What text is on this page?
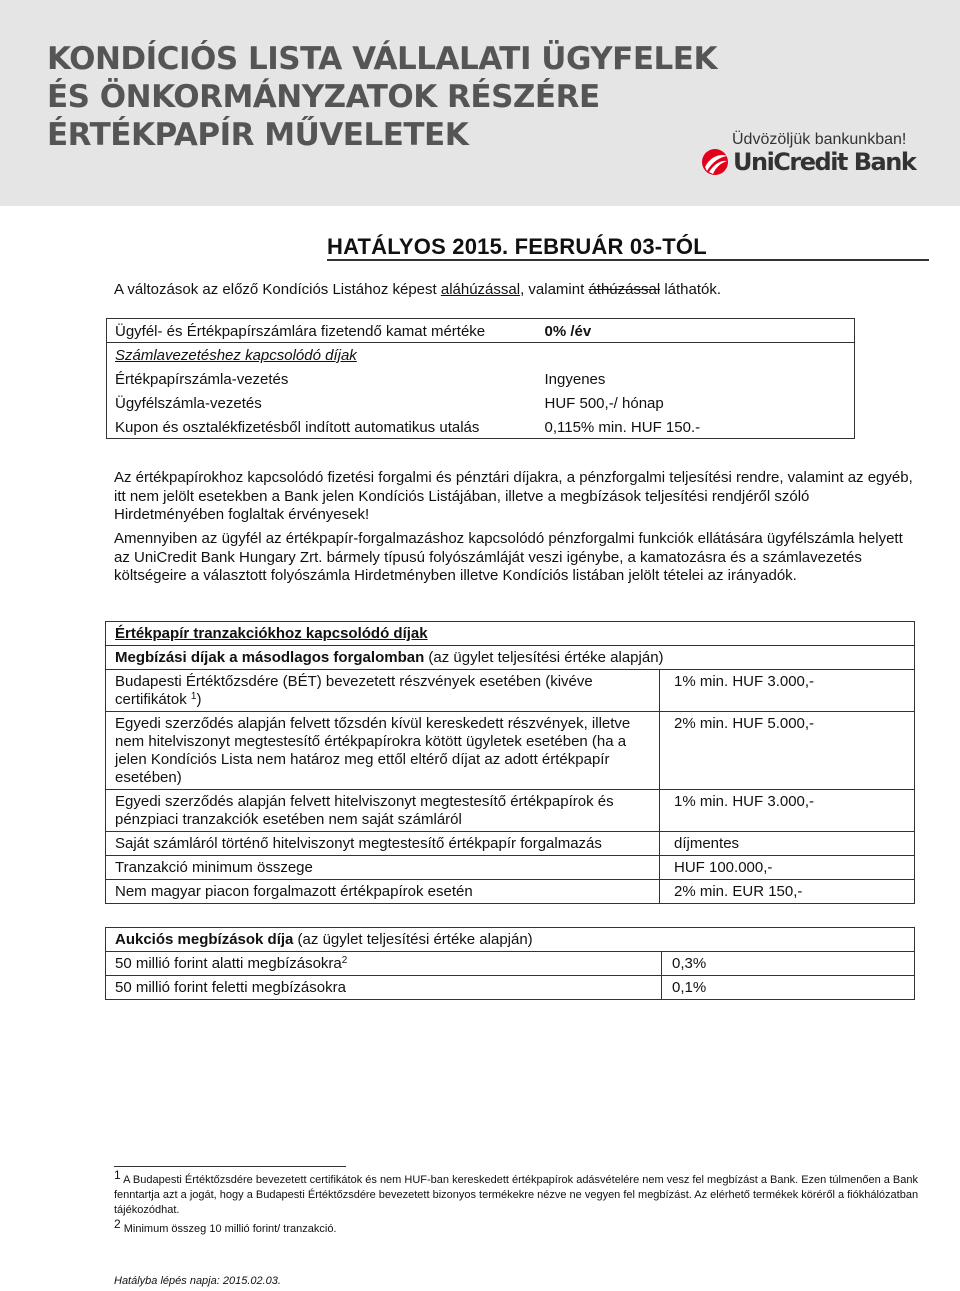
KONDÍCIÓS LISTA VÁLLALATI ÜGYFELEK
ÉS ÖNKORMÁNYZATOK RÉSZÉRE
ÉRTÉKPAPÍR MŰVELETEK	Üdvözöljük bankunkban!
UniCredit Bank
HATÁLYOS 2015. FEBRUÁR 03-TÓL
A változások az előző Kondíciós Listához képest aláhúzással, valamint áthúzással láthatók.
Ügyfél- és Értékpapírszámlára fizetendő kamat mértéke	0% /év
Számlavezetéshez kapcsolódó díjak	
Értékpapírszámla-vezetés	Ingyenes
Ügyfélszámla-vezetés	HUF 500,-/ hónap
Kupon és osztalékfizetésből indított automatikus utalás	0,115% min. HUF 150.-
Az értékpapírokhoz kapcsolódó fizetési forgalmi és pénztári díjakra, a pénzforgalmi teljesítési rendre, valamint az egyéb, itt nem jelölt esetekben a Bank jelen Kondíciós Listájában, illetve a megbízások teljesítési rendjéről szóló Hirdetményében foglaltak érvényesek!
Amennyiben az ügyfél az értékpapír-forgalmazáshoz kapcsolódó pénzforgalmi funkciók ellátására ügyfélszámla helyett az UniCredit Bank Hungary Zrt. bármely típusú folyószámláját veszi igénybe, a kamatozásra és a számlavezetés költségeire a választott folyószámla Hirdetményben illetve Kondíciós listában jelölt tételei az irányadók.
Értékpapír tranzakciókhoz kapcsolódó díjak	
Megbízási díjak a másodlagos forgalomban (az ügylet teljesítési értéke alapján)	
Budapesti Értéktőzsdére (BÉT) bevezetett részvények esetében (kivéve certifikátok $^1$)	1% min. HUF 3.000,-
Egyedi szerződés alapján felvett tőzsdén kívül kereskedett részvények, illetve nem hitelviszonyt megtestesítő értékpapírokra kötött ügyletek esetében (ha a jelen Kondíciós Lista nem határoz meg ettől eltérő díjat az adott értékpapír esetében)	2% min. HUF 5.000,-
Egyedi szerződés alapján felvett hitelviszonyt megtestesítő értékpapírok és pénzpiaci tranzakciók esetében nem saját számláról	1% min. HUF 3.000,-
Saját számláról történő hitelviszonyt megtestesítő értékpapír forgalmazás	díjmentes
Tranzakció minimum összege	HUF 100.000,-
Nem magyar piacon forgalmazott értékpapírok esetén	2% min. EUR 150,-
Aukciós megbízások díja (az ügylet teljesítési értéke alapján)	
50 millió forint alatti megbízásokra$^2$	0,3%
50 millió forint feletti megbízásokra	0,1%
$^1$ A Budapesti Értéktőzsdére bevezetett certifikátok és nem HUF-ban kereskedett értékpapírok adásvételére nem vesz fel megbízást a Bank. Ezen túlmenően a Bank fenntartja azt a jogát, hogy a Budapesti Értéktőzsdére bevezetett bizonyos termékekre nézve ne vegyen fel megbízást. Az elérhető termékek köréről a fiókhálózatban tájékozódhat.
$^2$ Minimum összeg 10 millió forint/ tranzakció.
Hatályba lépés napja: 2015.02.03.
